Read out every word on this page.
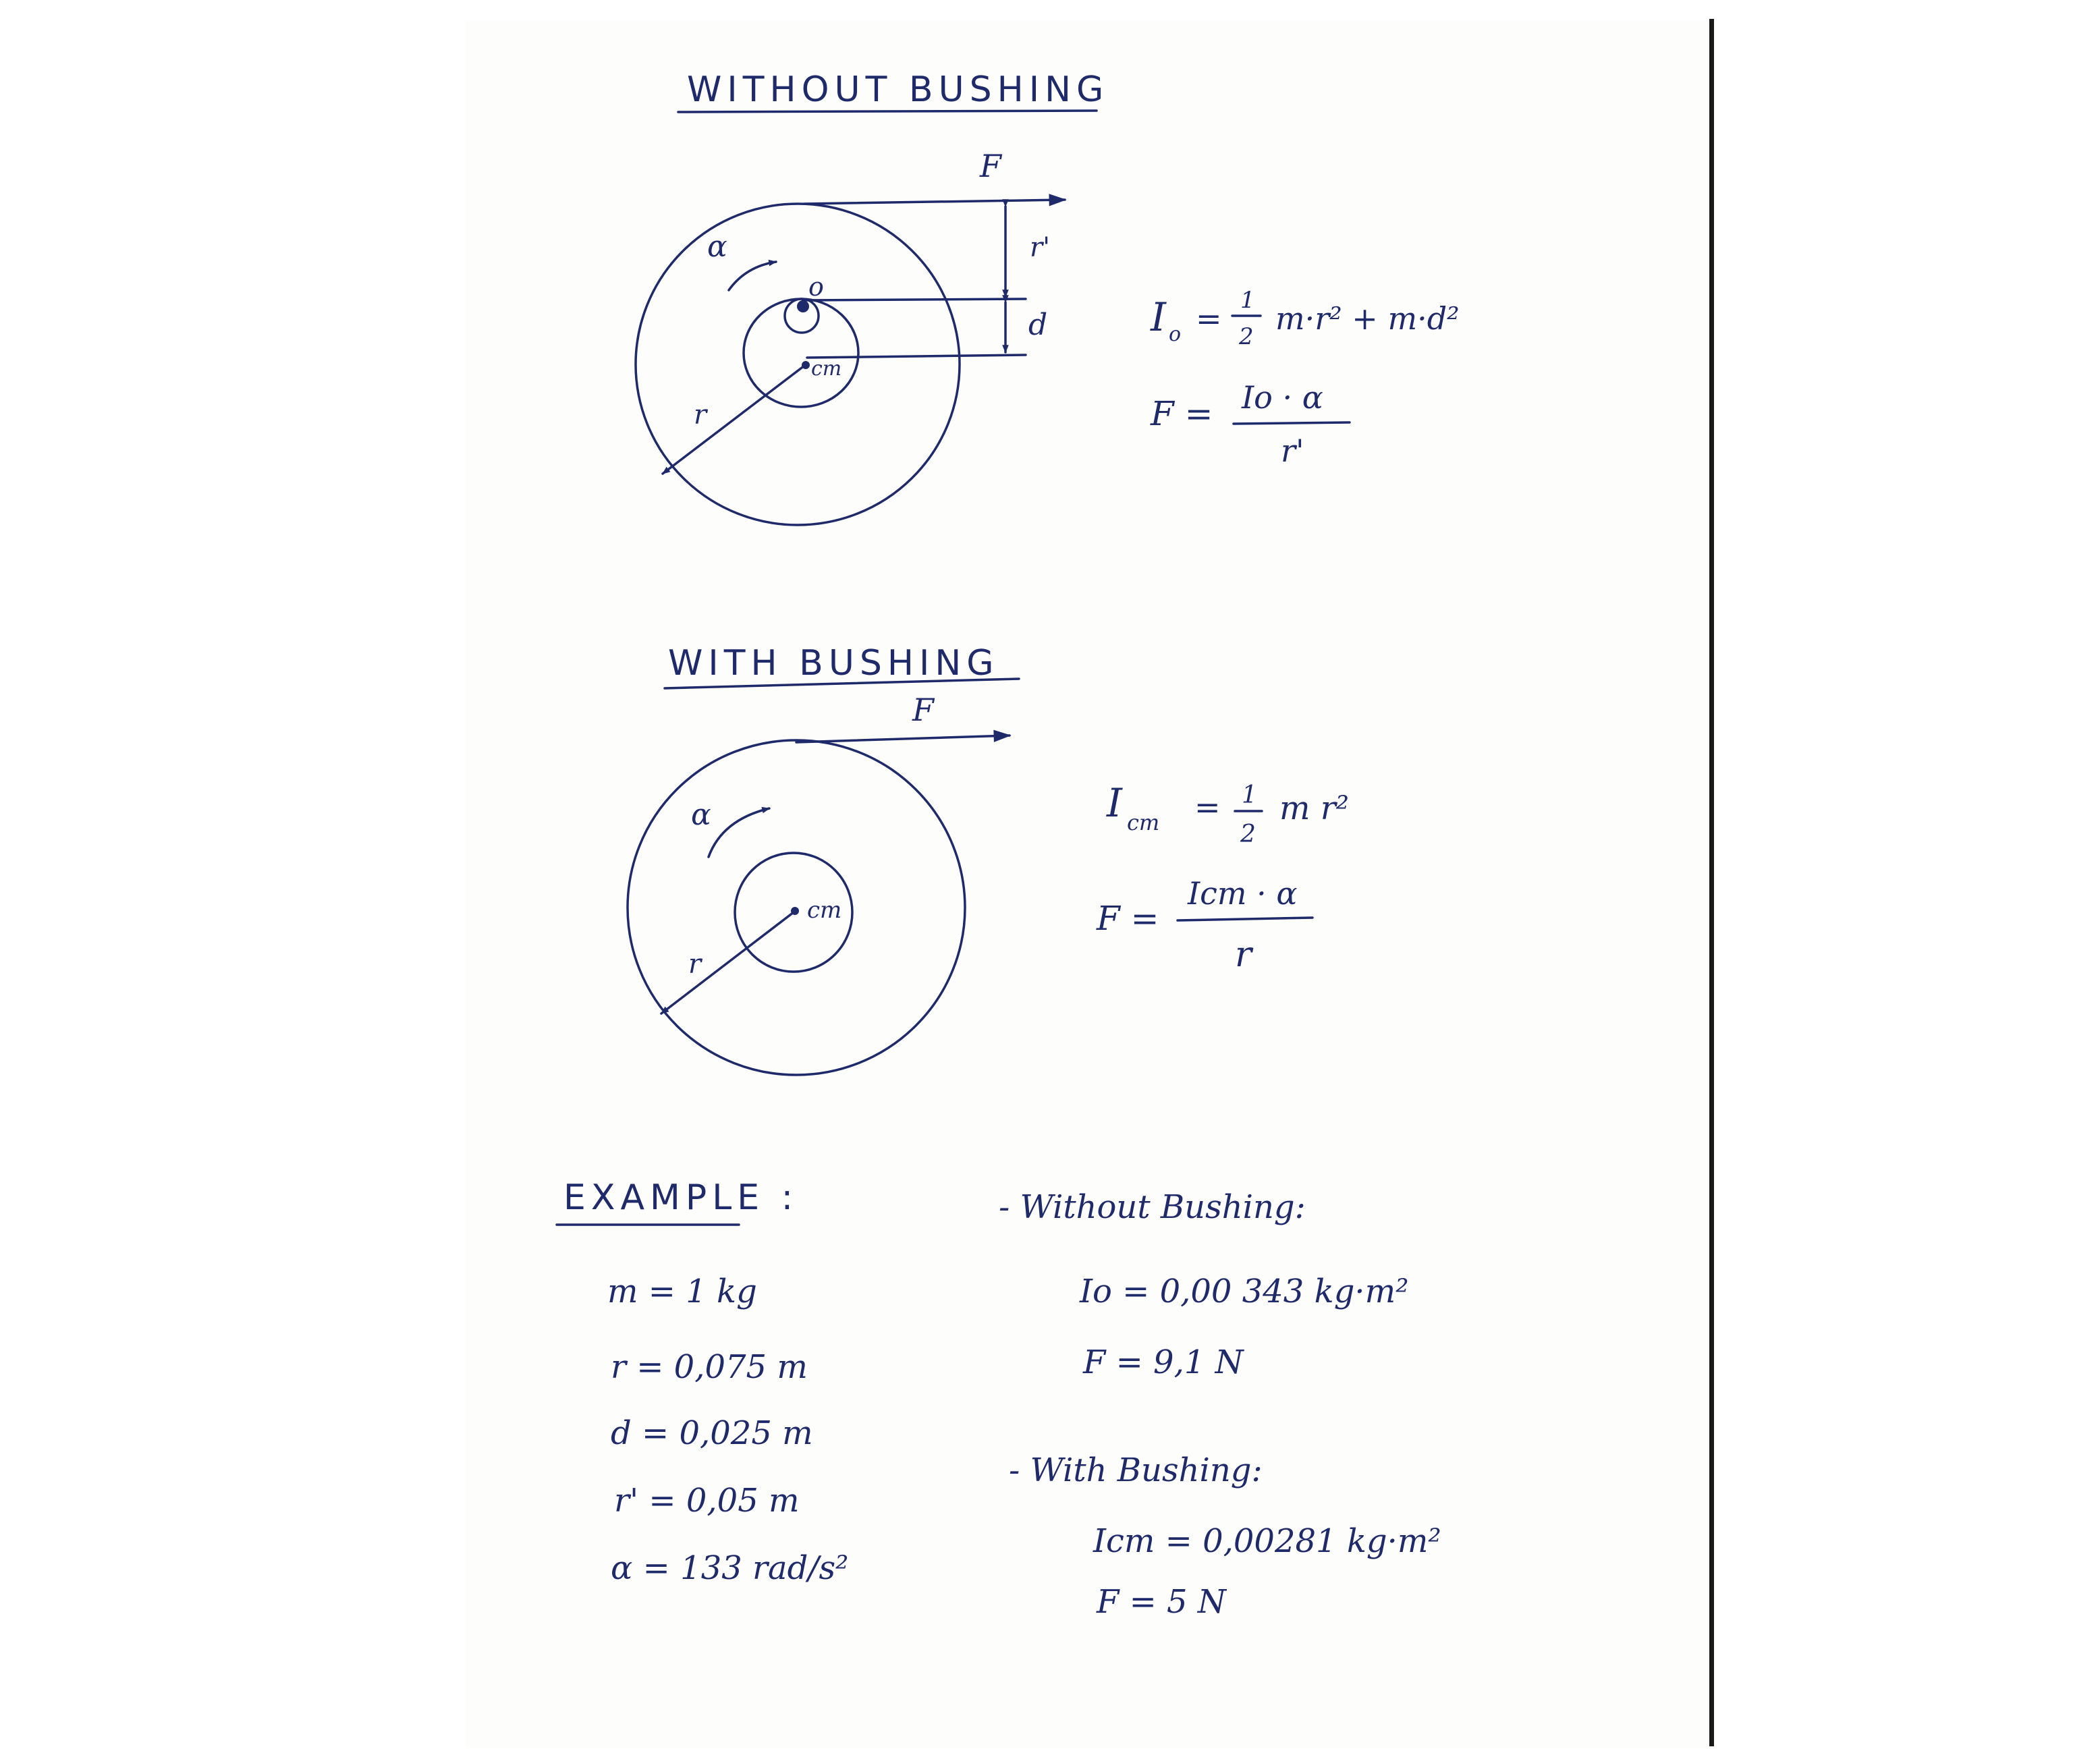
WITHOUT BUSHING
F
r'
d
α
o
cm
r
I o = 1
2 m·r² + m·d²
F = Io · α
r'
WITH BUSHING
F
α
cm
r
I cm = 1
2
m r²
F =
Icm · α
r
EXAMPLE :
m = 1 kg
r = 0,075 m
d = 0,025 m
r' = 0,05 m
α = 133 rad/s²
- Without Bushing:
Io = 0,00 343 kg·m²
F = 9,1 N
- With Bushing:
Icm = 0,00281 kg·m²
F = 5 N
